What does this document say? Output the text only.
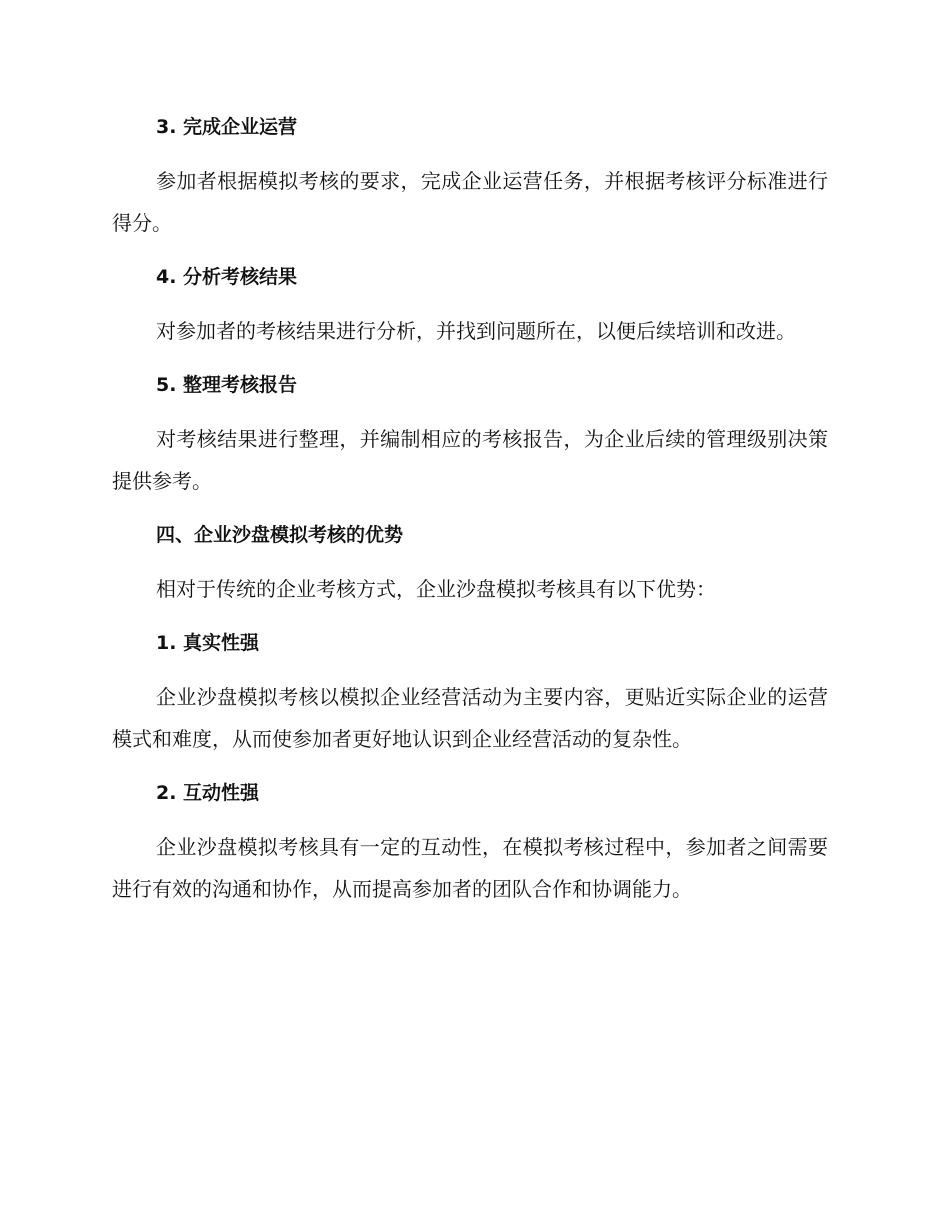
3. 完成企业运营

参加者根据模拟考核的要求，完成企业运营任务，并根据考核评分标准进行得分。

4. 分析考核结果

对参加者的考核结果进行分析，并找到问题所在，以便后续培训和改进。

5. 整理考核报告

对考核结果进行整理，并编制相应的考核报告，为企业后续的管理级别决策提供参考。

四、企业沙盘模拟考核的优势

相对于传统的企业考核方式，企业沙盘模拟考核具有以下优势：

1. 真实性强

企业沙盘模拟考核以模拟企业经营活动为主要内容，更贴近实际企业的运营模式和难度，从而使参加者更好地认识到企业经营活动的复杂性。

2. 互动性强

企业沙盘模拟考核具有一定的互动性，在模拟考核过程中，参加者之间需要进行有效的沟通和协作，从而提高参加者的团队合作和协调能力。
